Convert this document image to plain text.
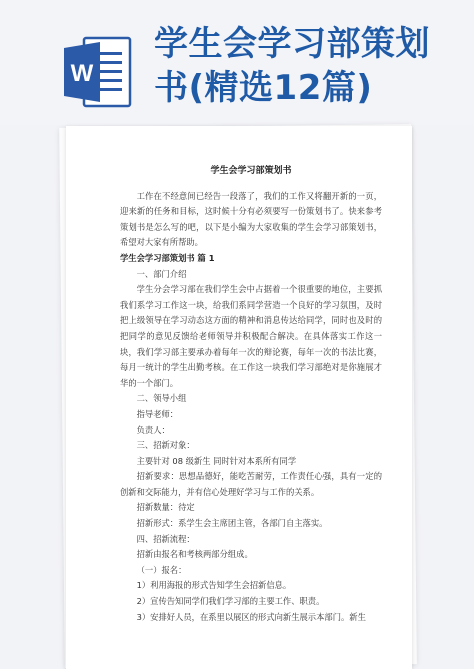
W
学生会学习部策划
书(精选12篇)
学生会学习部策划书

工作在不经意间已经告一段落了，我们的工作又将翻开新的一页，迎来新的任务和目标，这时候十分有必须要写一份策划书了。快来参考策划书是怎么写的吧，以下是小编为大家收集的学生会学习部策划书，希望对大家有所帮助。

学生会学习部策划书 篇 1

一、部门介绍

学生分会学习部在我们学生会中占据着一个很重要的地位，主要抓我们系学习工作这一块，给我们系同学营造一个良好的学习氛围，及时把上级领导在学习动态这方面的精神和消息传达给同学，同时也及时的把同学的意见反馈给老师领导并积极配合解决。在具体落实工作这一块，我们学习部主要承办着每年一次的辩论赛，每年一次的书法比赛，每月一统计的学生出勤考核。在工作这一块我们学习部绝对是你施展才华的一个部门。

二、领导小组

指导老师：

负责人：

三、招新对象：

主要针对 08 级新生 同时针对本系所有同学

招新要求：思想品德好，能吃苦耐劳，工作责任心强，具有一定的创新和交际能力，并有信心处理好学习与工作的关系。

招新数量：待定

招新形式：系学生会主席团主管，各部门自主落实。

四、招新流程：

招新由报名和考核两部分组成。

（一）报名：

1）利用海报的形式告知学生会招新信息。

2）宣传告知同学们我们学习部的主要工作、职责。

3）安排好人员，在系里以展区的形式向新生展示本部门。新生
